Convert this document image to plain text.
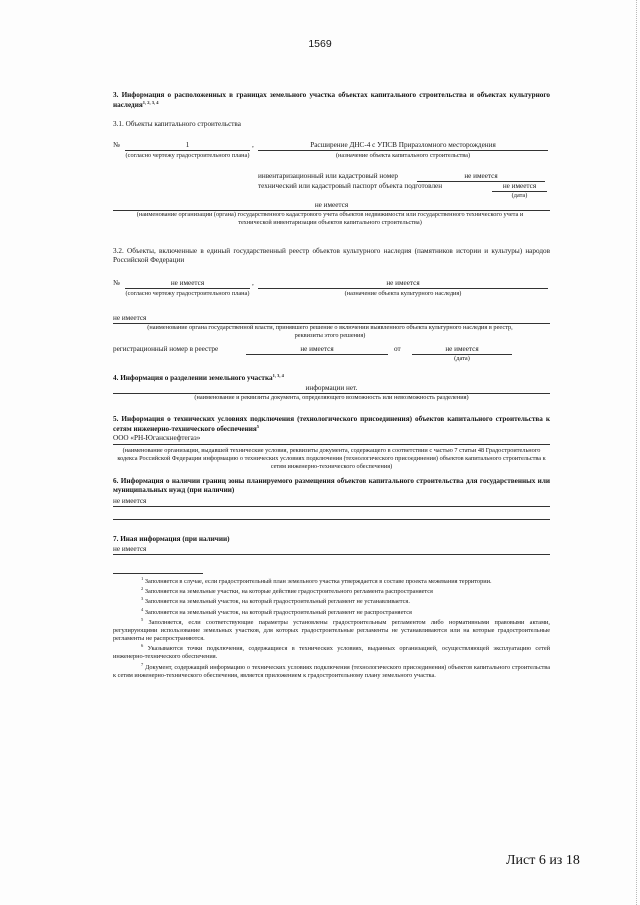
1569
3. Информация о расположенных в границах земельного участка объектах капитального строительства и объектах культурного наследия$^{1, 2, 3, 4}$
3.1. Объекты капитального строительства
№	1	,	Расширение ДНС-4 с УПСВ Приразломного месторождения
(согласно чертежу градостроительного плана)	(назначение объекта капитального строительства)
инвентаризационный или кадастровый номер	не имеется
технический или кадастровый паспорт объекта подготовлен	не имеется
(дата)
не имеется
(наименование организации (органа) государственного кадастрового учета объектов недвижимости или государственного технического учета и технической инвентаризации объектов капитального строительства)
3.2. Объекты, включенные в единый государственный реестр объектов культурного наследия (памятников истории и культуры) народов Российской Федерации
№	не имеется	,	не имеется
(согласно чертежу градостроительного плана)	(назначение объекта культурного наследия)
не имеется
(наименование органа государственной власти, принявшего решение о включении выявленного объекта культурного наследия в реестр, реквизиты этого решения)
регистрационный номер в реестре	не имеется	от	не имеется
(дата)
4. Информация о разделении земельного участка$^{1, 3, 4}$
информации нет.
(наименование и реквизиты документа, определяющего возможность или невозможность разделения)
5. Информация о технических условиях подключения (технологического присоединения) объектов капитального строительства к сетям инженерно-технического обеспечения$^5$
ООО «РН-Юганскнефтегаз»
(наименование организации, выдавшей технические условия, реквизиты документа, содержащего в соответствии с частью 7 статьи 48 Градостроительного кодекса Российской Федерации информацию о технических условиях подключения (технологического присоединения) объектов капитального строительства к сетям инженерно-технического обеспечения)
6. Информация о наличии границ зоны планируемого размещения объектов капитального строительства для государственных или муниципальных нужд (при наличии)
не имеется
7. Иная информация (при наличии)
не имеется
$^1$ Заполняется в случае, если градостроительный план земельного участка утверждается в составе проекта межевания территории.
$^2$ Заполняется на земельные участки, на которые действие градостроительного регламента распространяется
$^3$ Заполняется на земельный участок, на который градостроительный регламент не устанавливается.
$^4$ Заполняется на земельный участок, на который градостроительный регламент не распространяется
$^5$ Заполняется, если соответствующие параметры установлены градостроительным регламентом либо нормативными правовыми актами, регулирующими использование земельных участков, для которых градостроительные регламенты не устанавливаются или на которые градостроительные регламенты не распространяются.
$^6$ Указываются точки подключения, содержащиеся в технических условиях, выданных организацией, осуществляющей эксплуатацию сетей инженерно-технического обеспечения.
$^7$ Документ, содержащий информацию о технических условиях подключения (технологического присоединения) объектов капитального строительства к сетям инженерно-технического обеспечения, является приложением к градостроительному плану земельного участка.
Лист 6 из 18
